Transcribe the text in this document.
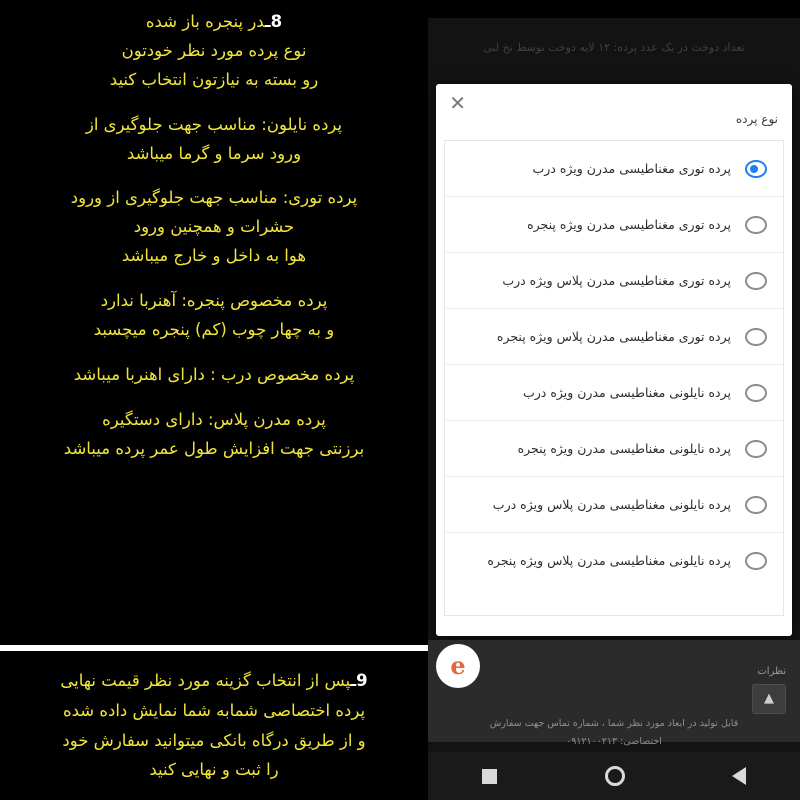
8ـدر پنجره باز شده
نوع پرده مورد نظر خودتون
رو بسته به نیازتون انتخاب کنید
پرده نایلون: مناسب جهت جلوگیری از
ورود سرما و گرما میباشد
پرده توری: مناسب جهت جلوگیری از ورود
حشرات و همچنین ورود
هوا به داخل و خارج میباشد
پرده مخصوص پنجره: آهنربا ندارد
و به چهار چوب (کم) پنجره میچسبد
پرده مخصوص درب : دارای اهنربا میباشد
پرده مدرن پلاس: دارای دستگیره
برزنتی جهت افزایش طول عمر پرده میباشد
9ـپس از انتخاب گزینه مورد نظر قیمت نهایی
پرده اختصاصی شمابه شما نمایش داده شده
و از طریق درگاه بانکی میتوانید سفارش خود
را ثبت و نهایی کنید
✕
نوع پرده
پرده توری مغناطیسی مدرن ویژه درب
پرده توری مغناطیسی مدرن ویژه پنجره
پرده توری مغناطیسی مدرن پلاس ویژه درب
پرده توری مغناطیسی مدرن پلاس ویژه پنجره
پرده نایلونی مغناطیسی مدرن ویژه درب
پرده نایلونی مغناطیسی مدرن ویژه پنجره
پرده نایلونی مغناطیسی مدرن پلاس ویژه درب
پرده نایلونی مغناطیسی مدرن پلاس ویژه پنجره
e	نظرات
▲
قابل تولید در ابعاد مورد نظر شما ، شماره تماس جهت سفارش
اختصاصی: ۰۹۱۲۱۰۰۲۱۳
